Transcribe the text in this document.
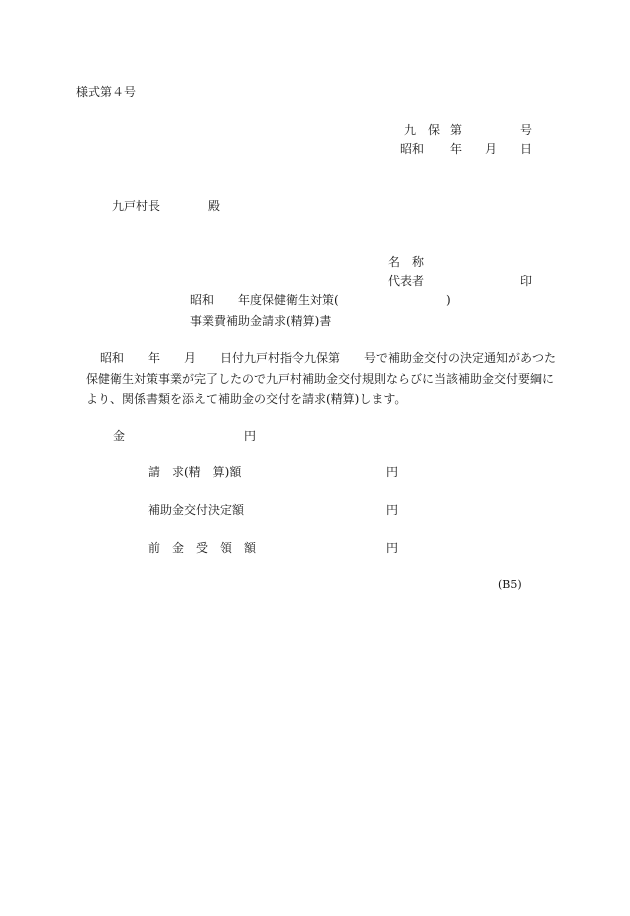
様式第４号
九 保 第	号
昭和 年 月 日
九戸村長	殿
名　称
代表者	印
昭和 年度保健衛生対策(	)
事業費補助金請求(精算)書
　昭和　　年　　月　　日付九戸村指令九保第　　号で補助金交付の決定通知があつた
保健衛生対策事業が完了したので九戸村補助金交付規則ならびに当該補助金交付要綱に
より、関係書類を添えて補助金の交付を請求(精算)します。
金	円
請　求(精　算)額	円
補助金交付決定額	円
前　金　受　領　額	円
(B5)
